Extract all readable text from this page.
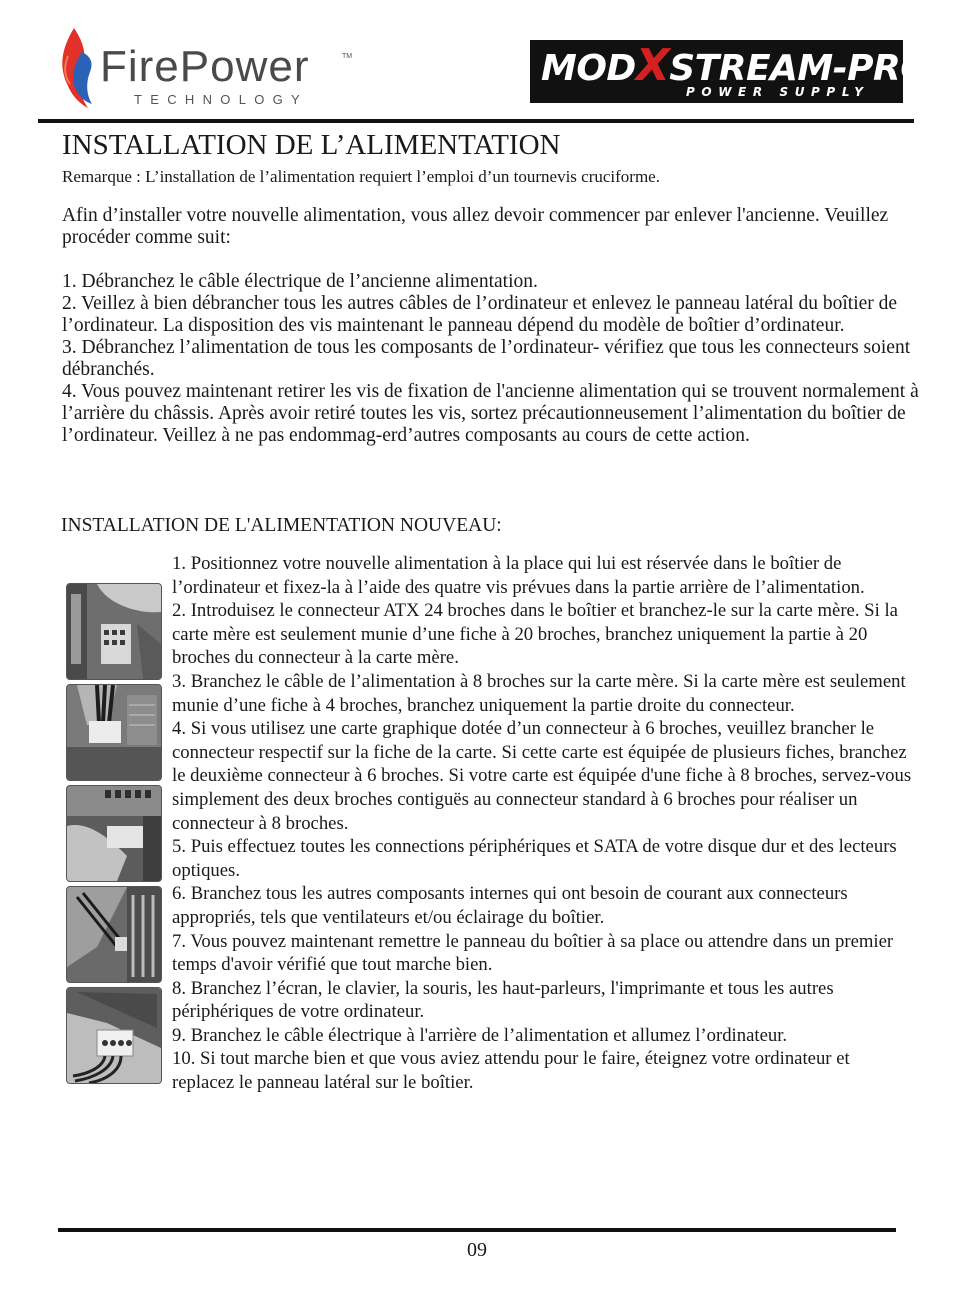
FirePower	TM
TECHNOLOGY
MODXSTREAM-PRO
POWER SUPPLY
INSTALLATION DE L’ALIMENTATION
Remarque : L’installation de l’alimentation requiert l’emploi d’un tournevis cruciforme.
Afin d’installer votre nouvelle alimentation, vous allez devoir commencer par enlever l'ancienne. Veuillez procéder comme suit:

1. Débranchez le câble électrique de l’ancienne alimentation.

2. Veillez à bien débrancher tous les autres câbles de l’ordinateur et enlevez le panneau latéral du boîtier de l’ordinateur. La disposition des vis maintenant le panneau dépend du modèle de boîtier d’ordinateur.

3. Débranchez l’alimentation de tous les composants de l’ordinateur- vérifiez que tous les connecteurs soient débranchés.

4. Vous pouvez maintenant retirer les vis de fixation de l'ancienne alimentation qui se trouvent normalement à l’arrière du châssis. Après avoir retiré toutes les vis, sortez précautionneusement l’alimentation du boîtier de l’ordinateur. Veillez à ne pas endommag-erd’autres composants au cours de cette action.

INSTALLATION DE L'ALIMENTATION NOUVEAU:

1. Positionnez votre nouvelle alimentation à la place qui lui est réservée dans le boîtier de l’ordinateur et fixez-la à l’aide des quatre vis prévues dans la partie arrière de l’alimentation.

2. Introduisez le connecteur ATX 24 broches dans le boîtier et branchez-le sur la carte mère. Si la carte mère est seulement munie d’une fiche à 20 broches, branchez uniquement la partie à 20 broches du connecteur à la carte mère.

3. Branchez le câble de l’alimentation à 8 broches sur la carte mère. Si la carte mère est seulement munie d’une fiche à 4 broches, branchez uniquement la partie droite du connecteur.

4. Si vous utilisez une carte graphique dotée d’un connecteur à 6 broches, veuillez brancher le connecteur respectif sur la fiche de la carte. Si cette carte est équipée de plusieurs fiches, branchez le deuxième connecteur à 6 broches. Si votre carte est équipée d'une fiche à 8 broches, servez-vous simplement des deux broches contiguës au connecteur standard à 6 broches pour réaliser un connecteur à 8 broches.

5. Puis effectuez toutes les connections périphériques et SATA de votre disque dur et des lecteurs optiques.

6. Branchez tous les autres composants internes qui ont besoin de courant aux connecteurs appropriés, tels que ventilateurs et/ou éclairage du boîtier.

7. Vous pouvez maintenant remettre le panneau du boîtier à sa place ou attendre dans un premier temps d'avoir vérifié que tout marche bien.

8. Branchez l’écran, le clavier, la souris, les haut-parleurs, l'imprimante et tous les autres périphériques de votre ordinateur.

9. Branchez le câble électrique à l'arrière de l’alimentation et allumez l’ordinateur.

10. Si tout marche bien et que vous aviez attendu pour le faire, éteignez votre ordinateur et replacez le panneau latéral sur le boîtier.

09
